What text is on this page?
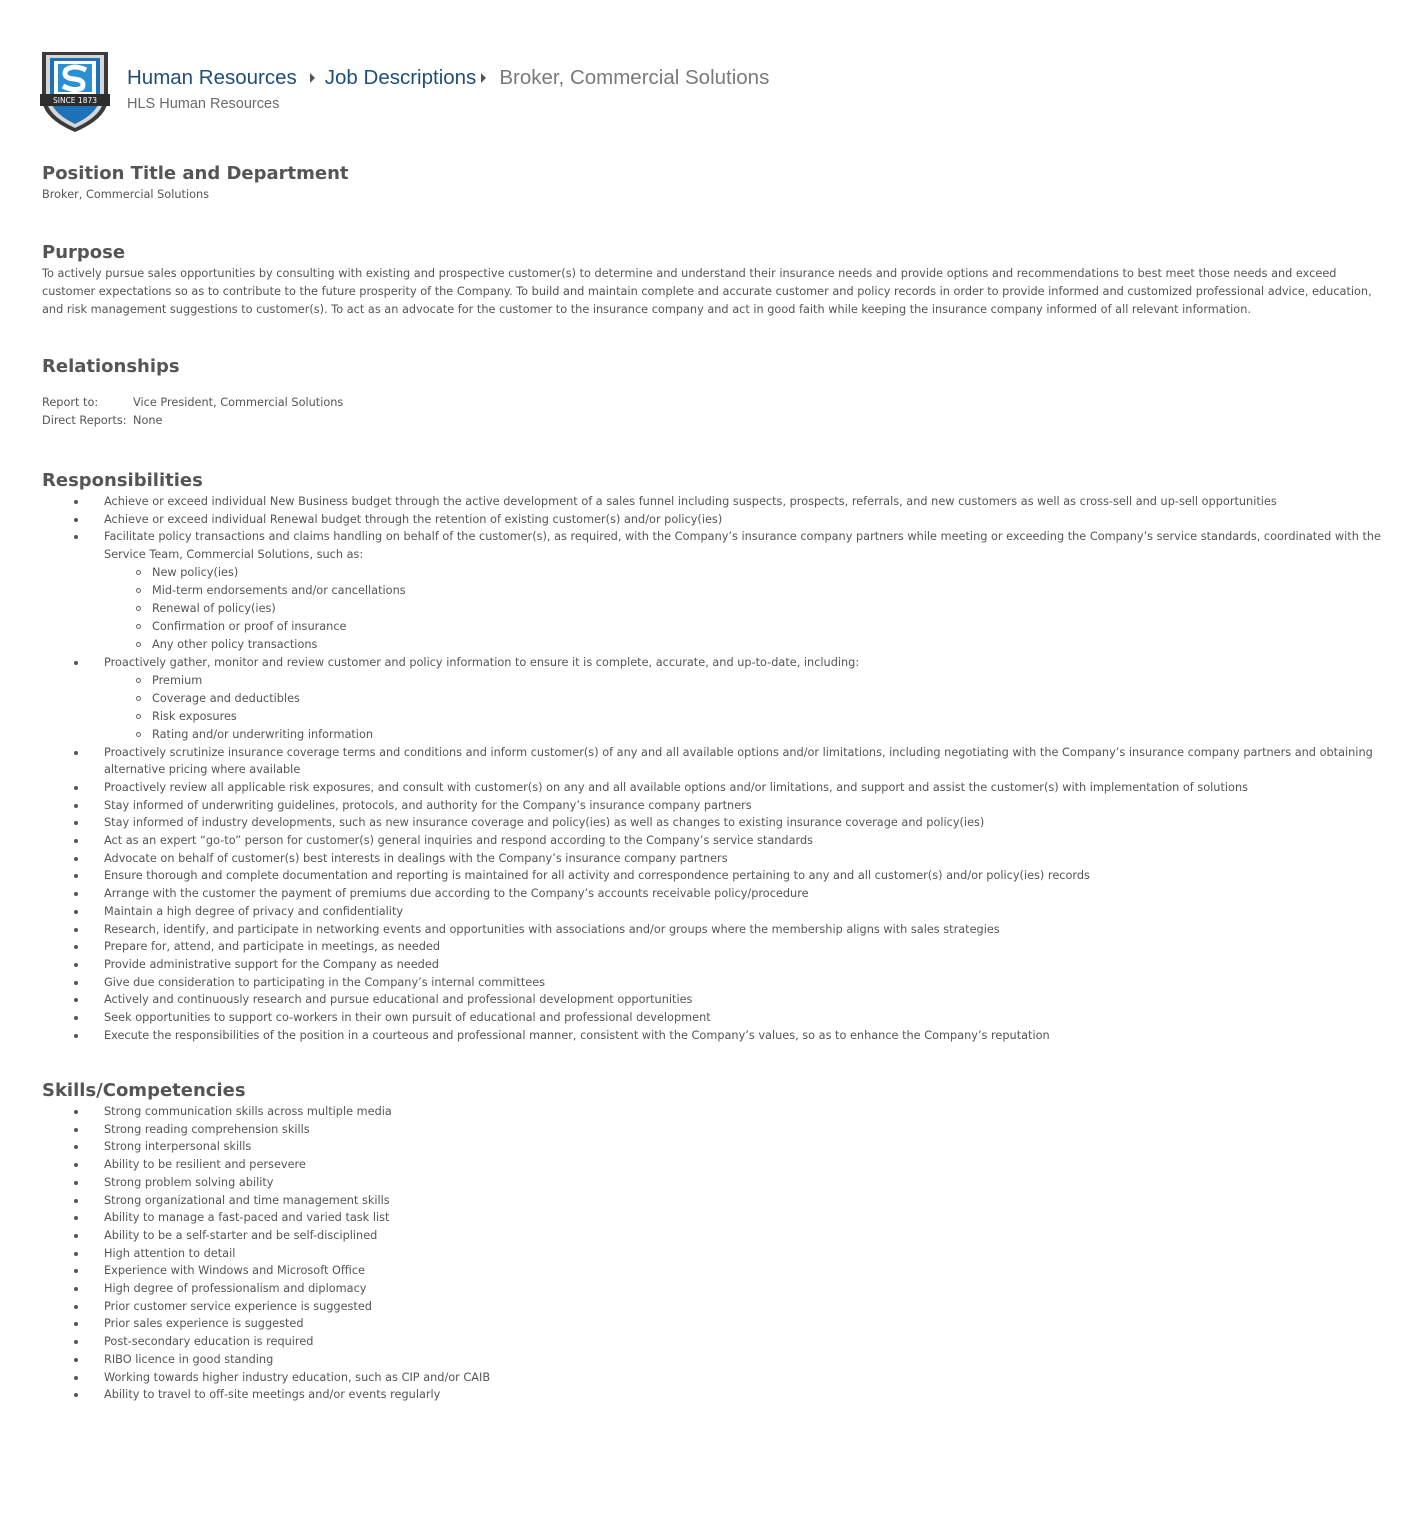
SINCE 1873
Human Resources Job Descriptions Broker, Commercial Solutions
HLS Human Resources
Position Title and Department
Broker, Commercial Solutions
Purpose
To actively pursue sales opportunities by consulting with existing and prospective customer(s) to determine and understand their insurance needs and provide options and recommendations to best meet those needs and exceed customer expectations so as to contribute to the future prosperity of the Company. To build and maintain complete and accurate customer and policy records in order to provide informed and customized professional advice, education, and risk management suggestions to customer(s). To act as an advocate for the customer to the insurance company and act in good faith while keeping the insurance company informed of all relevant information.
Relationships
Report to:	Vice President, Commercial Solutions
Direct Reports: None
Responsibilities
Achieve or exceed individual New Business budget through the active development of a sales funnel including suspects, prospects, referrals, and new customers as well as cross-sell and up-sell opportunities
Achieve or exceed individual Renewal budget through the retention of existing customer(s) and/or policy(ies)
Facilitate policy transactions and claims handling on behalf of the customer(s), as required, with the Company’s insurance company partners while meeting or exceeding the Company’s service standards, coordinated with the Service Team, Commercial Solutions, such as:
New policy(ies)
Mid-term endorsements and/or cancellations
Renewal of policy(ies)
Confirmation or proof of insurance
Any other policy transactions
Proactively gather, monitor and review customer and policy information to ensure it is complete, accurate, and up-to-date, including:
Premium
Coverage and deductibles
Risk exposures
Rating and/or underwriting information
Proactively scrutinize insurance coverage terms and conditions and inform customer(s) of any and all available options and/or limitations, including negotiating with the Company’s insurance company partners and obtaining alternative pricing where available
Proactively review all applicable risk exposures, and consult with customer(s) on any and all available options and/or limitations, and support and assist the customer(s) with implementation of solutions
Stay informed of underwriting guidelines, protocols, and authority for the Company’s insurance company partners
Stay informed of industry developments, such as new insurance coverage and policy(ies) as well as changes to existing insurance coverage and policy(ies)
Act as an expert “go-to” person for customer(s) general inquiries and respond according to the Company’s service standards
Advocate on behalf of customer(s) best interests in dealings with the Company’s insurance company partners
Ensure thorough and complete documentation and reporting is maintained for all activity and correspondence pertaining to any and all customer(s) and/or policy(ies) records
Arrange with the customer the payment of premiums due according to the Company’s accounts receivable policy/procedure
Maintain a high degree of privacy and confidentiality
Research, identify, and participate in networking events and opportunities with associations and/or groups where the membership aligns with sales strategies
Prepare for, attend, and participate in meetings, as needed
Provide administrative support for the Company as needed
Give due consideration to participating in the Company’s internal committees
Actively and continuously research and pursue educational and professional development opportunities
Seek opportunities to support co-workers in their own pursuit of educational and professional development
Execute the responsibilities of the position in a courteous and professional manner, consistent with the Company’s values, so as to enhance the Company’s reputation
Skills/Competencies
Strong communication skills across multiple media
Strong reading comprehension skills
Strong interpersonal skills
Ability to be resilient and persevere
Strong problem solving ability
Strong organizational and time management skills
Ability to manage a fast-paced and varied task list
Ability to be a self-starter and be self-disciplined
High attention to detail
Experience with Windows and Microsoft Office
High degree of professionalism and diplomacy
Prior customer service experience is suggested
Prior sales experience is suggested
Post-secondary education is required
RIBO licence in good standing
Working towards higher industry education, such as CIP and/or CAIB
Ability to travel to off-site meetings and/or events regularly
